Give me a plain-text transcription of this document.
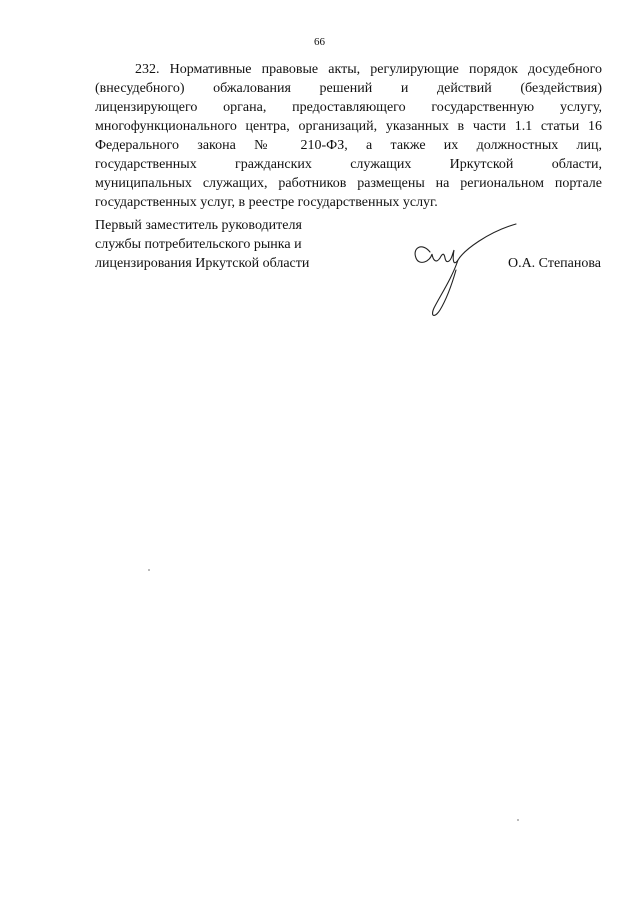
66
232. Нормативные правовые акты, регулирующие порядок досудебного
(внесудебного) обжалования решений и действий (бездействия)
лицензирующего органа, предоставляющего государственную услугу,
многофункционального центра, организаций, указанных в части 1.1 статьи 16
Федерального закона № 210-ФЗ, а также их должностных лиц,
государственных гражданских служащих Иркутской области,
муниципальных служащих, работников размещены на региональном портале
государственных услуг, в реестре государственных услуг.
Первый заместитель руководителя
службы потребительского рынка и
лицензирования Иркутской области	О.А. Степанова
